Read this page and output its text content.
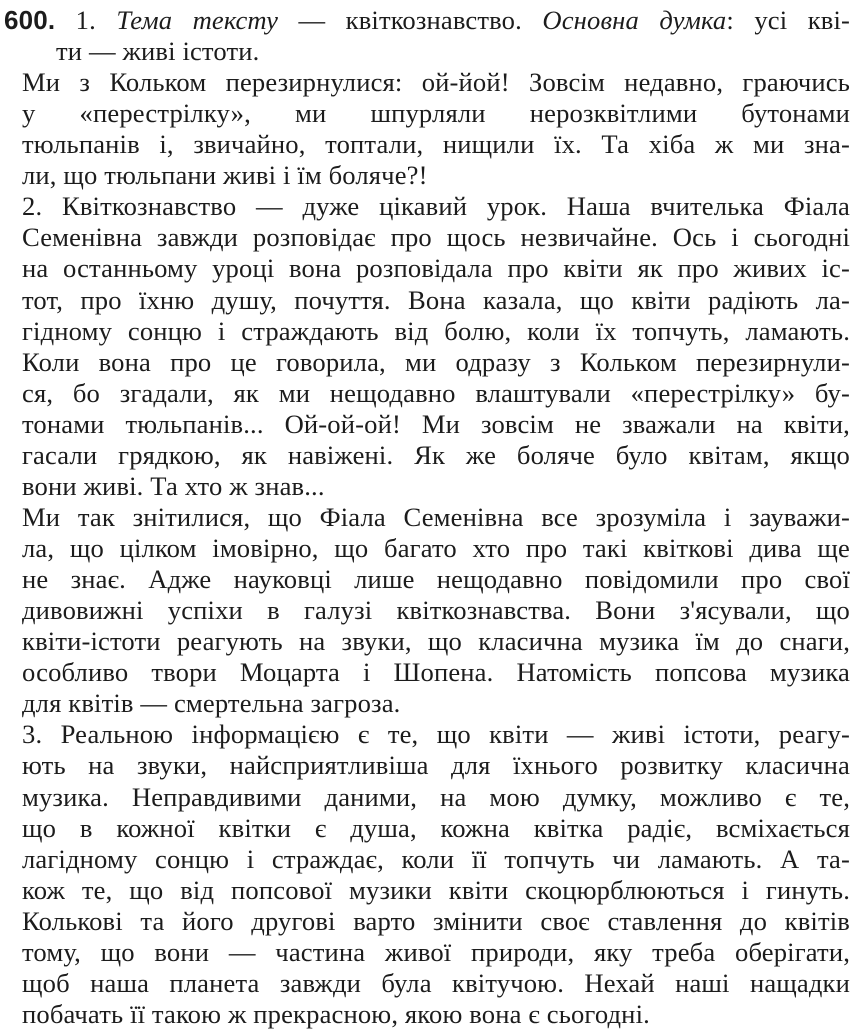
600. 1. Тема тексту — квіткознавство. Основна думка: усі кві-
ти — живі істоти.
Ми з Кольком перезирнулися: ой-йой! Зовсім недавно, граючись
у «перестрілку», ми шпурляли нерозквітлими бутонами
тюльпанів і, звичайно, топтали, нищили їх. Та хіба ж ми зна-
ли, що тюльпани живі і їм боляче?!
2. Квіткознавство — дуже цікавий урок. Наша вчителька Фіала
Семенівна завжди розповідає про щось незвичайне. Ось і сьогодні
на останньому уроці вона розповідала про квіти як про живих іс-
тот, про їхню душу, почуття. Вона казала, що квіти радіють ла-
гідному сонцю і страждають від болю, коли їх топчуть, ламають.
Коли вона про це говорила, ми одразу з Кольком перезирнули-
ся, бо згадали, як ми нещодавно влаштували «перестрілку» бу-
тонами тюльпанів... Ой-ой-ой! Ми зовсім не зважали на квіти,
гасали грядкою, як навіжені. Як же боляче було квітам, якщо
вони живі. Та хто ж знав...
Ми так знітилися, що Фіала Семенівна все зрозуміла і зауважи-
ла, що цілком імовірно, що багато хто про такі квіткові дива ще
не знає. Адже науковці лише нещодавно повідомили про свої
дивовижні успіхи в галузі квіткознавства. Вони з'ясували, що
квіти-істоти реагують на звуки, що класична музика їм до снаги,
особливо твори Моцарта і Шопена. Натомість попсова музика
для квітів — смертельна загроза.
3. Реальною інформацією є те, що квіти — живі істоти, реагу-
ють на звуки, найсприятливіша для їхнього розвитку класична
музика. Неправдивими даними, на мою думку, можливо є те,
що в кожної квітки є душа, кожна квітка радіє, всміхається
лагідному сонцю і страждає, коли її топчуть чи ламають. А та-
кож те, що від попсової музики квіти скоцюрблюються і гинуть.
Колькові та його другові варто змінити своє ставлення до квітів
тому, що вони — частина живої природи, яку треба оберігати,
щоб наша планета завжди була квітучою. Нехай наші нащадки
побачать її такою ж прекрасною, якою вона є сьогодні.
